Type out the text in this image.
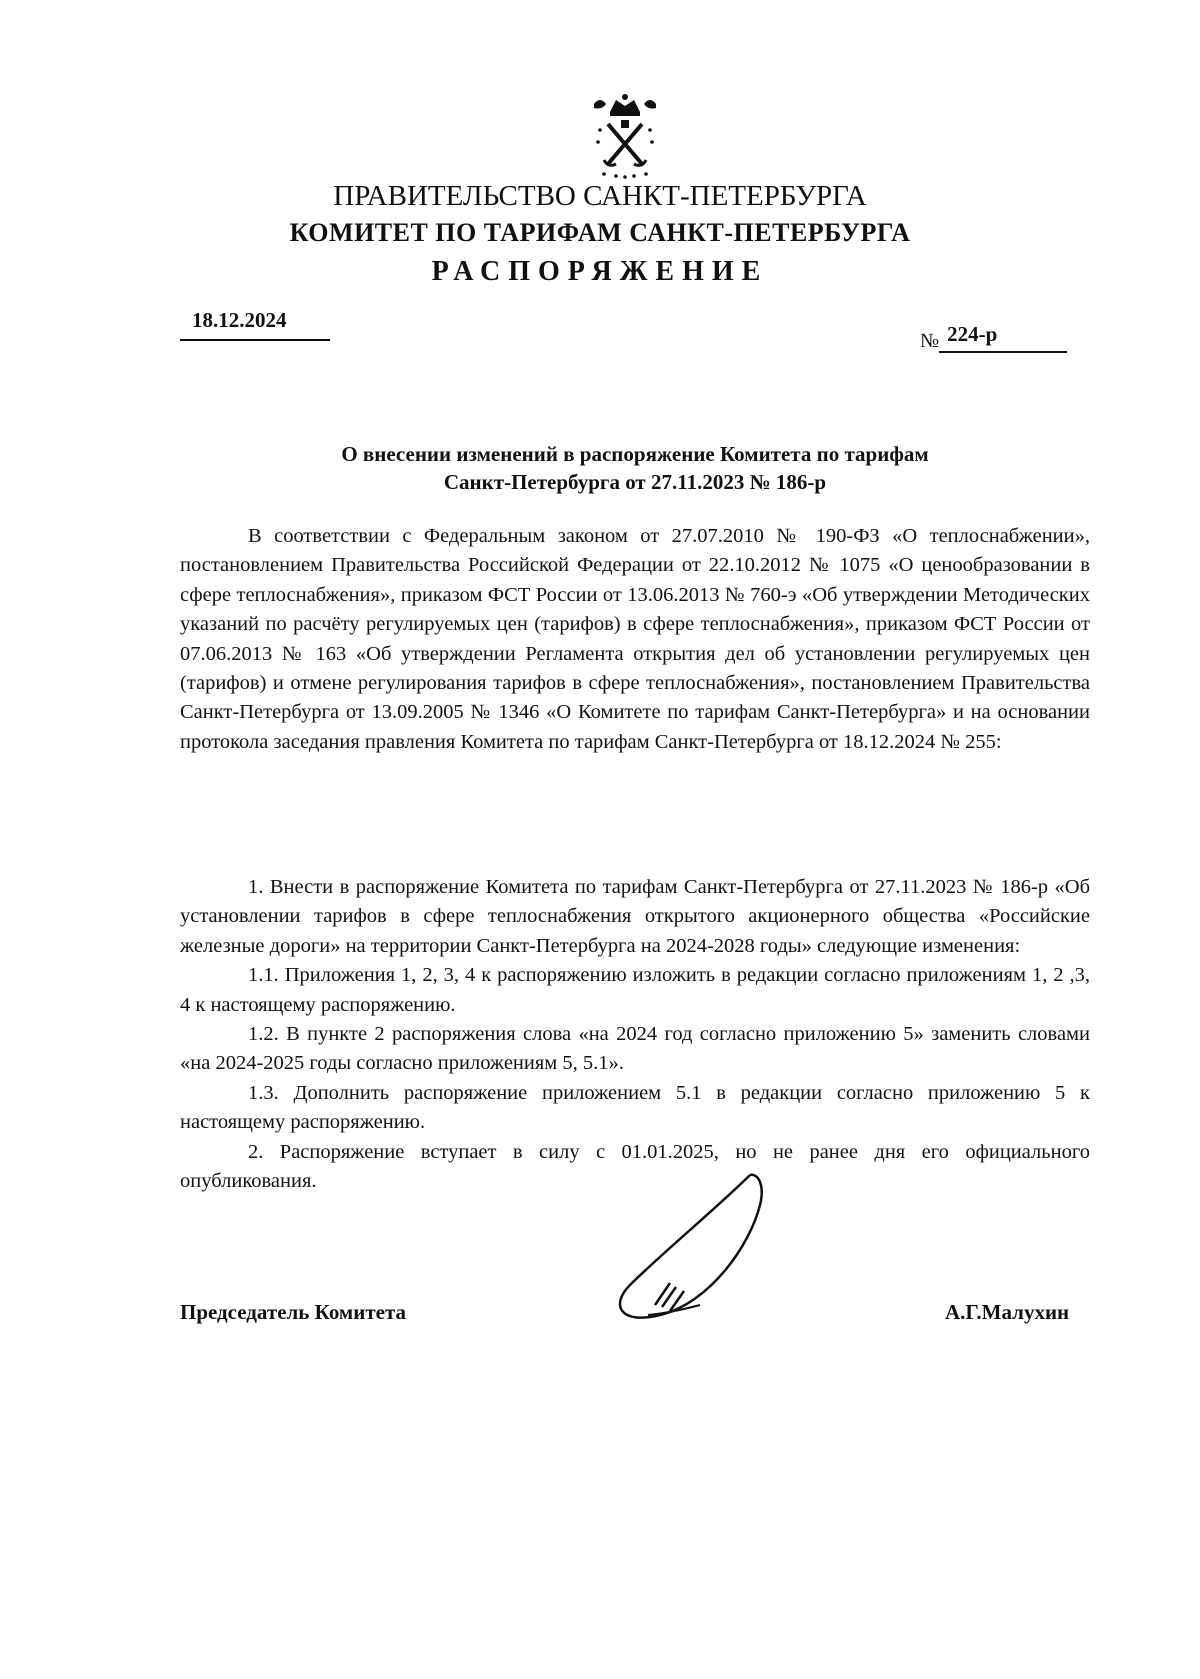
ПРАВИТЕЛЬСТВО САНКТ-ПЕТЕРБУРГА
КОМИТЕТ ПО ТАРИФАМ САНКТ-ПЕТЕРБУРГА
РАСПОРЯЖЕНИЕ
18.12.2024
№ 224-р
О внесении изменений в распоряжение Комитета по тарифам
Санкт-Петербурга от 27.11.2023 № 186-р

В соответствии с Федеральным законом от 27.07.2010 № 190-ФЗ «О теплоснабжении», постановлением Правительства Российской Федерации от 22.10.2012 № 1075 «О ценообразовании в сфере теплоснабжения», приказом ФСТ России от 13.06.2013 № 760-э «Об утверждении Методических указаний по расчёту регулируемых цен (тарифов) в сфере теплоснабжения», приказом ФСТ России от 07.06.2013 № 163 «Об утверждении Регламента открытия дел об установлении регулируемых цен (тарифов) и отмене регулирования тарифов в сфере теплоснабжения», постановлением Правительства Санкт-Петербурга от 13.09.2005 № 1346 «О Комитете по тарифам Санкт-Петербурга» и на основании протокола заседания правления Комитета по тарифам Санкт-Петербурга от 18.12.2024 № 255:

1. Внести в распоряжение Комитета по тарифам Санкт-Петербурга от 27.11.2023 № 186-р «Об установлении тарифов в сфере теплоснабжения открытого акционерного общества «Российские железные дороги» на территории Санкт-Петербурга на 2024-2028 годы» следующие изменения:

1.1. Приложения 1, 2, 3, 4 к распоряжению изложить в редакции согласно приложениям 1, 2 ,3, 4 к настоящему распоряжению.

1.2. В пункте 2 распоряжения слова «на 2024 год согласно приложению 5» заменить словами «на 2024-2025 годы согласно приложениям 5, 5.1».

1.3. Дополнить распоряжение приложением 5.1 в редакции согласно приложению 5 к настоящему распоряжению.

2. Распоряжение вступает в силу с 01.01.2025, но не ранее дня его официального опубликования.

Председатель Комитета	А.Г.Малухин
